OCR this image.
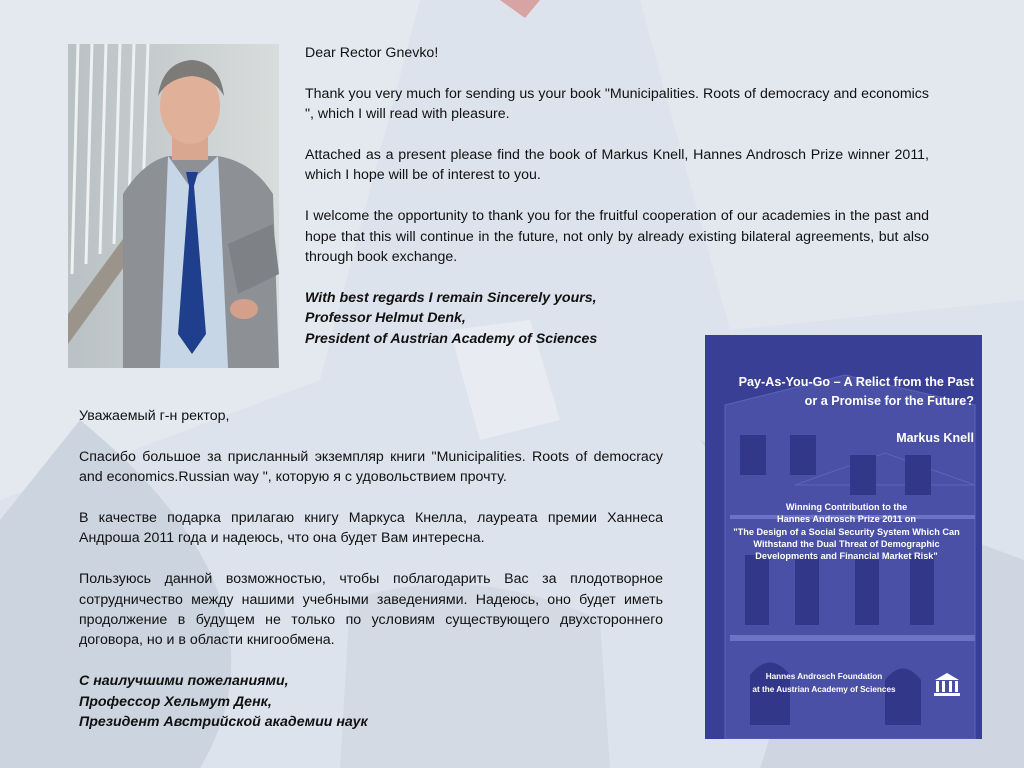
Dear Rector Gnevko!

Thank you very much for sending us your book "Municipalities. Roots of democracy and economics ", which I will read with pleasure.

Attached as a present please find the book of Markus Knell, Hannes Androsch Prize winner 2011, which I hope will be of interest to you.

I welcome the opportunity to thank you for the fruitful cooperation of our academies in the past and hope that this will continue in the future, not only by already existing bilateral agreements, but also through book exchange.

With best regards I remain Sincerely yours,
Professor Helmut Denk,
President of Austrian Academy of Sciences

Уважаемый г-н ректор,

Спасибо большое за присланный экземпляр книги "Municipalities. Roots of democracy and economics.Russian way ", которую я с удовольствием прочту.

В качестве подарка прилагаю книгу Маркуса Кнелла, лауреата премии Ханнеса Андроша 2011 года и надеюсь, что она будет Вам интересна.

Пользуюсь данной возможностью, чтобы поблагодарить Вас за плодотворное сотрудничество между нашими учебными заведениями. Надеюсь, оно будет иметь продолжение в будущем не только по условиям существующего двухстороннего договора, но и в области книгообмена.

С наилучшими пожеланиями,
Профессор Хельмут Денк,
Президент Австрийской академии наук
Pay-As-You-Go – A Relict from the Past
or a Promise for the Future?
Markus Knell
Winning Contribution to the
Hannes Androsch Prize 2011 on
"The Design of a Social Security System Which Can
Withstand the Dual Threat of Demographic
Developments and Financial Market Risk"
Hannes Androsch Foundation
at the Austrian Academy of Sciences
